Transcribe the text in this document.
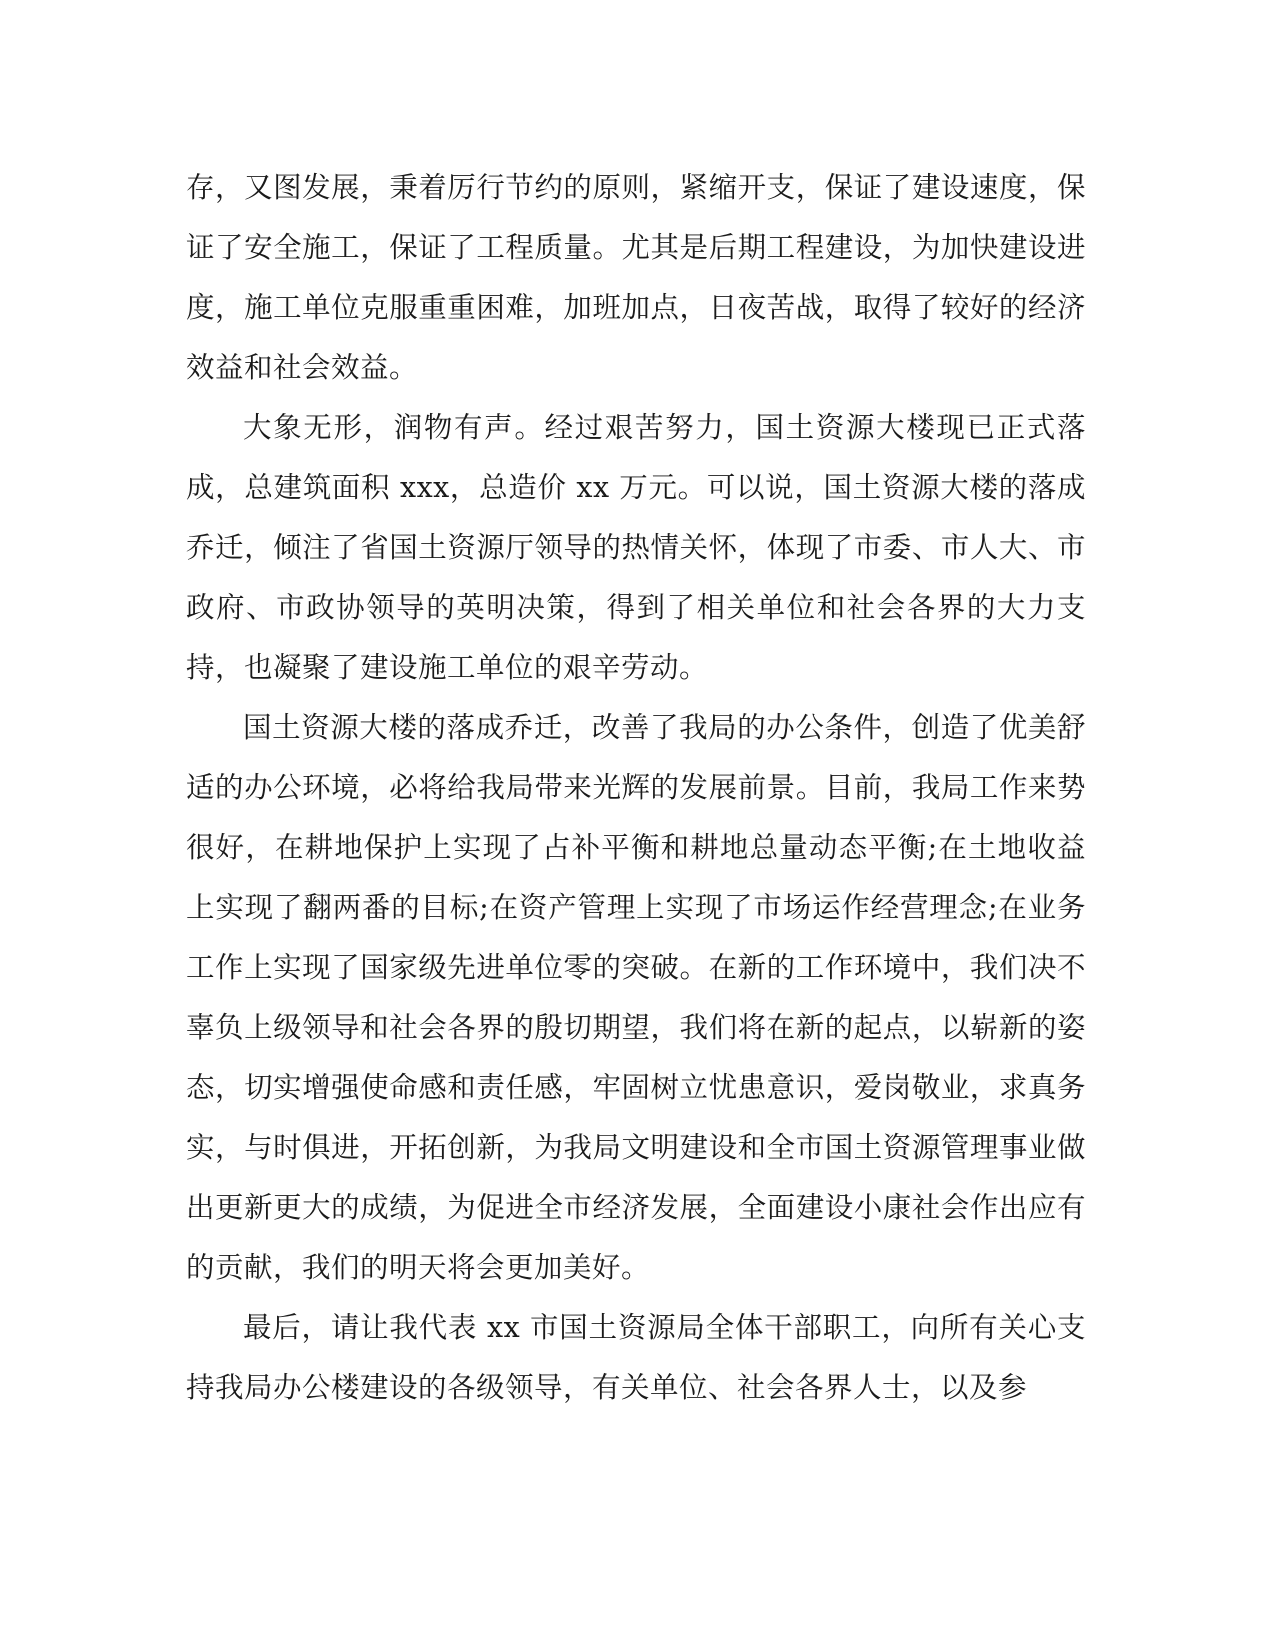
存，又图发展，秉着厉行节约的原则，紧缩开支，保证了建设速度，保证了安全施工，保证了工程质量。尤其是后期工程建设，为加快建设进度，施工单位克服重重困难，加班加点，日夜苦战，取得了较好的经济效益和社会效益。

大象无形，润物有声。经过艰苦努力，国土资源大楼现已正式落成，总建筑面积 xxx，总造价 xx 万元。可以说，国土资源大楼的落成乔迁，倾注了省国土资源厅领导的热情关怀，体现了市委、市人大、市政府、市政协领导的英明决策，得到了相关单位和社会各界的大力支持，也凝聚了建设施工单位的艰辛劳动。

国土资源大楼的落成乔迁，改善了我局的办公条件，创造了优美舒适的办公环境，必将给我局带来光辉的发展前景。目前，我局工作来势很好，在耕地保护上实现了占补平衡和耕地总量动态平衡;在土地收益上实现了翻两番的目标;在资产管理上实现了市场运作经营理念;在业务工作上实现了国家级先进单位零的突破。在新的工作环境中，我们决不辜负上级领导和社会各界的殷切期望，我们将在新的起点，以崭新的姿态，切实增强使命感和责任感，牢固树立忧患意识，爱岗敬业，求真务实，与时俱进，开拓创新，为我局文明建设和全市国土资源管理事业做出更新更大的成绩，为促进全市经济发展，全面建设小康社会作出应有的贡献，我们的明天将会更加美好。

最后，请让我代表 xx 市国土资源局全体干部职工，向所有关心支持我局办公楼建设的各级领导，有关单位、社会各界人士，以及参
